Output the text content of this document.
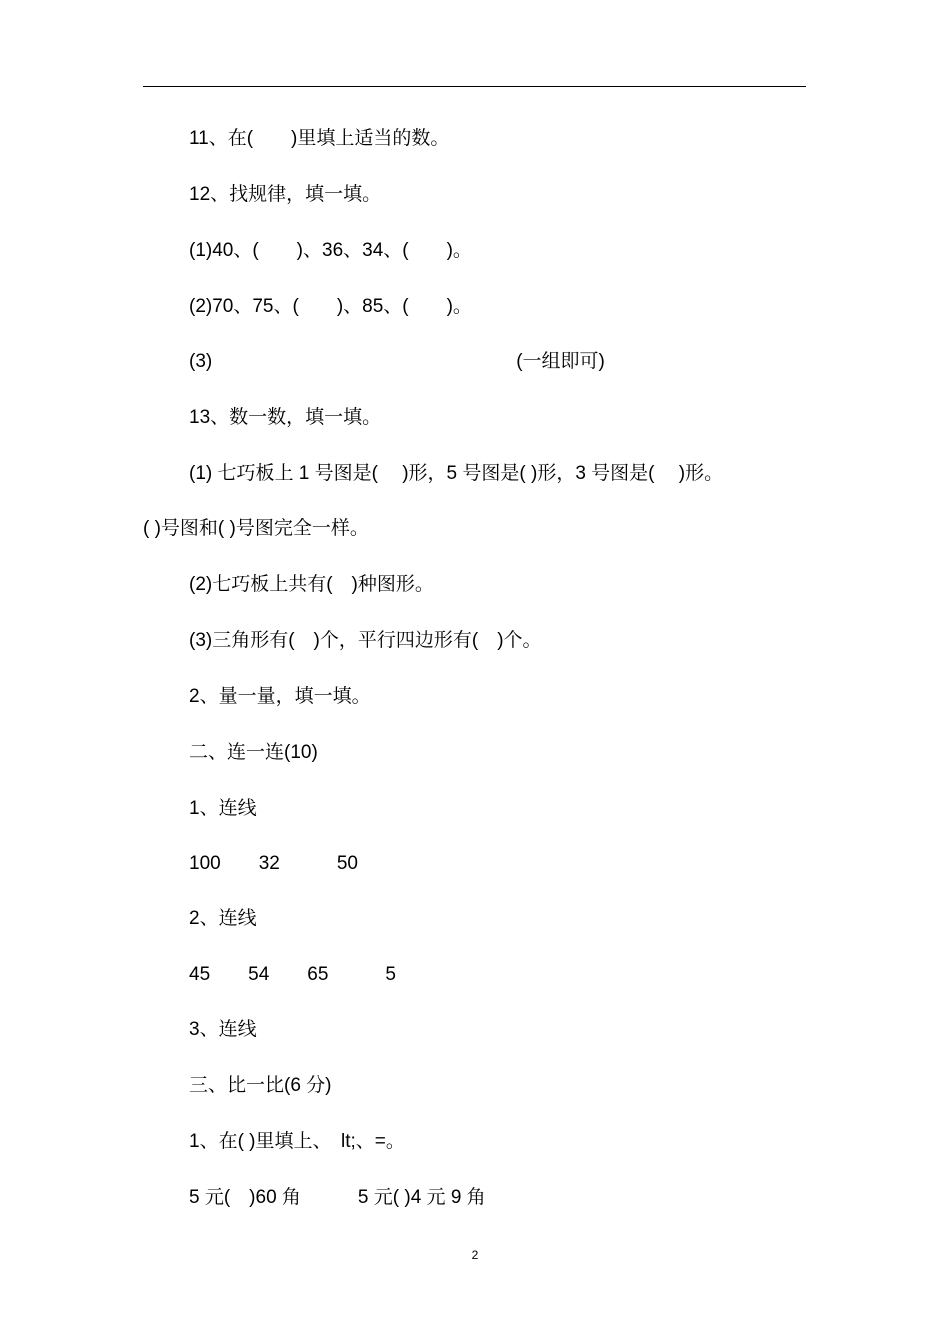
11、在(　　)里填上适当的数。
12、找规律，填一填。
(1)40、(　　)、36、34、(　　)。
(2)70、75、(　　)、85、(　　)。
(3)　　　　　　　　　　　　　　　　(一组即可)
13、数一数，填一填。
(1) 七巧板上 1 号图是(　 )形，5 号图是( )形，3 号图是(　 )形。
( )号图和( )号图完全一样。
(2)七巧板上共有(　)种图形。
(3)三角形有(　)个，平行四边形有(　)个。
2、量一量，填一填。
二、连一连(10)
1、连线
100　　32　　　50
2、连线
45　　54　　65　　　5
3、连线
三、比一比(6 分)
1、在( )里填上、　lt;、=。
5 元(　)60 角　　　5 元( )4 元 9 角
2
